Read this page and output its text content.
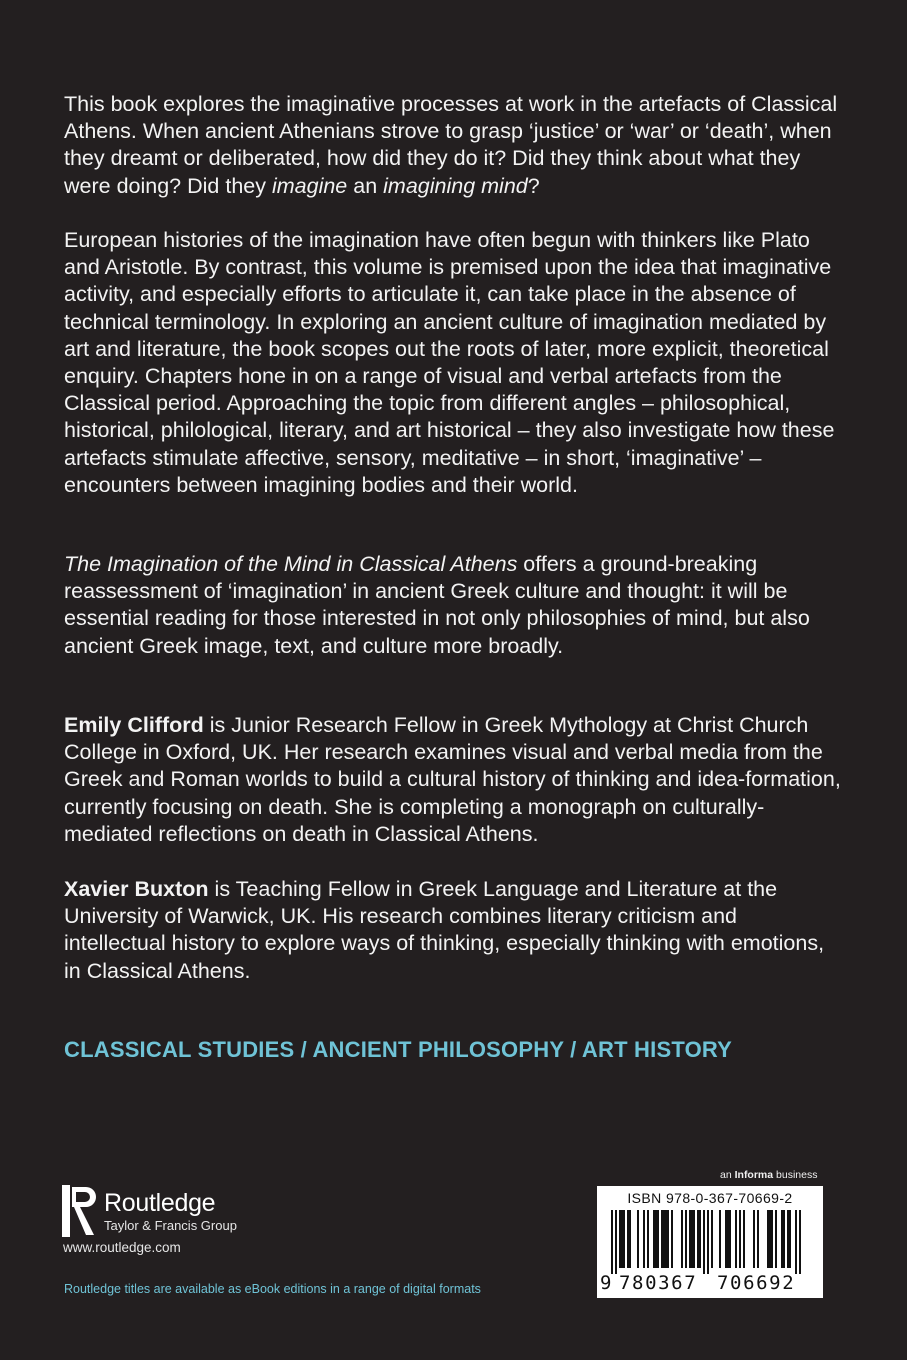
This book explores the imaginative processes at work in the artefacts of Classical Athens. When ancient Athenians strove to grasp ‘justice’ or ‘war’ or ‘death’, when they dreamt or deliberated, how did they do it? Did they think about what they were doing? Did they imagine an imagining mind?

European histories of the imagination have often begun with thinkers like Plato and Aristotle. By contrast, this volume is premised upon the idea that imaginative activity, and especially efforts to articulate it, can take place in the absence of technical terminology. In exploring an ancient culture of imagination mediated by art and literature, the book scopes out the roots of later, more explicit, theoretical enquiry. Chapters hone in on a range of visual and verbal artefacts from the Classical period. Approaching the topic from different angles – philosophical, historical, philological, literary, and art historical – they also investigate how these artefacts stimulate affective, sensory, meditative – in short, ‘imaginative’ – encounters between imagining bodies and their world.

The Imagination of the Mind in Classical Athens offers a ground-breaking reassessment of ‘imagination’ in ancient Greek culture and thought: it will be essential reading for those interested in not only philosophies of mind, but also ancient Greek image, text, and culture more broadly.

Emily Clifford is Junior Research Fellow in Greek Mythology at Christ Church College in Oxford, UK. Her research examines visual and verbal media from the Greek and Roman worlds to build a cultural history of thinking and idea-formation, currently focusing on death. She is completing a monograph on culturally-mediated reflections on death in Classical Athens.

Xavier Buxton is Teaching Fellow in Greek Language and Literature at the University of Warwick, UK. His research combines literary criticism and intellectual history to explore ways of thinking, especially thinking with emotions, in Classical Athens.

CLASSICAL STUDIES / ANCIENT PHILOSOPHY / ART HISTORY
Routledge
Taylor & Francis Group
www.routledge.com
Routledge titles are available as eBook editions in a range of digital formats
an Informa business
ISBN 978-0-367-70669-2
9 780367 706692
